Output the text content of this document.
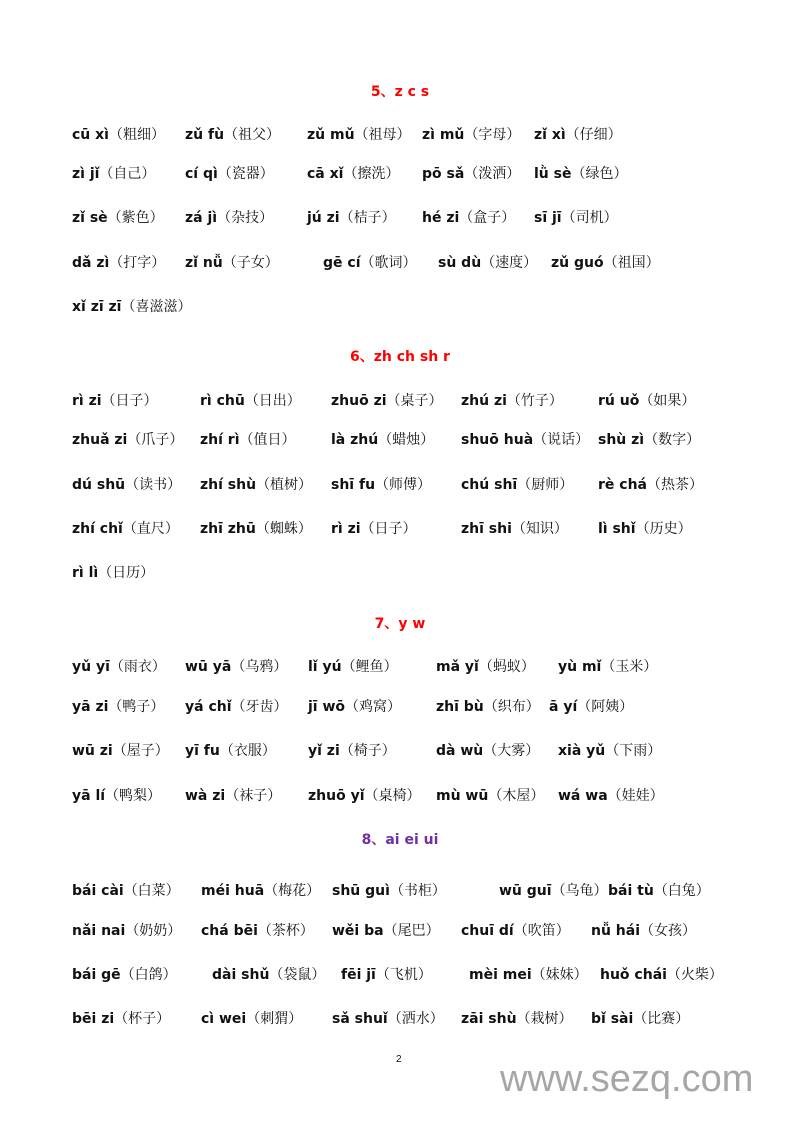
5、z c s
cū xì（粗细） zǔ fù（祖父） zǔ mǔ（祖母） zì mǔ（字母） zǐ xì（仔细）
zì jǐ（自己） cí qì（瓷器） cā xǐ（擦洗） pō sǎ（泼洒） lǜ sè（绿色）
zǐ sè（紫色） zá jì（杂技） jú zi（桔子） hé zi（盒子） sī jī（司机）
dǎ zì（打字） zǐ nǚ（子女）	gē cí（歌词） sù dù（速度） zǔ guó（祖国）
xǐ zī zī（喜滋滋）
6、zh ch sh r
rì zi（日子）	rì chū（日出） zhuō zi（桌子） zhú zi（竹子）	rú uǒ（如果）
zhuǎ zi（爪子） zhí rì（值日）	là zhú（蜡烛） shuō huà（说话） shù zì（数字）
dú shū（读书） zhí shù（植树） shī fu（师傅） chú shī（厨师） rè chá（热茶）
zhí chǐ（直尺） zhī zhū（蜘蛛） rì zi（日子）	zhī shi（知识） lì shǐ（历史）
rì lì（日历）
7、y w
yǔ yī（雨衣） wū yā（乌鸦） lǐ yú（鲤鱼）	mǎ yǐ（蚂蚁） yù mǐ（玉米）
yā zi（鸭子） yá chǐ（牙齿） jī wō（鸡窝） zhī bù（织布） ā yí（阿姨）
wū zi（屋子） yī fu（衣服） yǐ zi（椅子）	dà wù（大雾） xià yǔ（下雨）
yā lí（鸭梨） wà zi（袜子） zhuō yǐ（桌椅） mù wū（木屋） wá wa（娃娃）
8、ai ei ui
bái cài（白菜） méi huā（梅花） shū guì（书柜）	wū guī（乌龟） bái tù（白兔）
nǎi nai（奶奶） chá bēi（茶杯） wěi ba（尾巴） chuī dí（吹笛） nǚ hái（女孩）
bái gē（白鸽）	dài shǔ（袋鼠） fēi jī（飞机）	mèi mei（妹妹） huǒ chái（火柴）
bēi zi（杯子） cì wei（刺猬） sǎ shuǐ（洒水） zāi shù（栽树） bǐ sài（比赛）
2	www.sezq.com
